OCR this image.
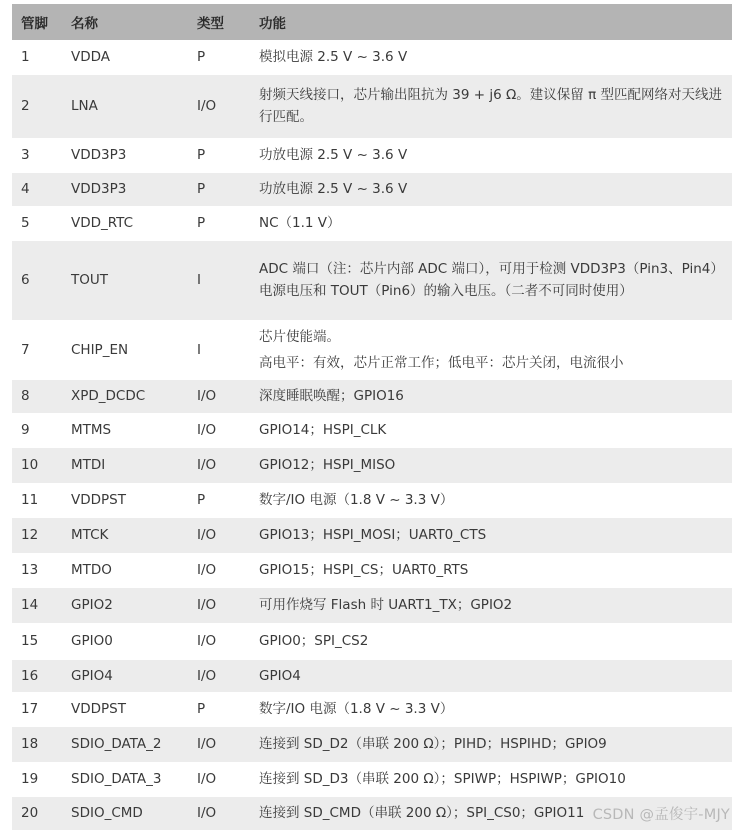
管脚	名称	类型	功能
1	VDDA	P	模拟电源 2.5 V ~ 3.6 V

2	LNA	I/O	射频天线接口，芯片输出阻抗为 39 + j6 Ω。建议保留 π 型匹配网络对天线进行匹配。

3	VDD3P3	P	功放电源 2.5 V ~ 3.6 V

4	VDD3P3	P	功放电源 2.5 V ~ 3.6 V

5	VDD_RTC	P	NC（1.1 V）

6	TOUT	I	ADC 端口（注：芯片内部 ADC 端口），可用于检测 VDD3P3（Pin3、Pin4）电源电压和 TOUT（Pin6）的输入电压。（二者不可同时使用）

7	CHIP_EN	I	芯片使能端。
高电平：有效，芯片正常工作；低电平：芯片关闭，电流很小

8	XPD_DCDC	I/O	深度睡眠唤醒；GPIO16

9	MTMS	I/O	GPIO14；HSPI_CLK

10	MTDI	I/O	GPIO12；HSPI_MISO

11	VDDPST	P	数字/IO 电源（1.8 V ~ 3.3 V）

12	MTCK	I/O	GPIO13；HSPI_MOSI；UART0_CTS

13	MTDO	I/O	GPIO15；HSPI_CS；UART0_RTS

14	GPIO2	I/O	可用作烧写 Flash 时 UART1_TX；GPIO2

15	GPIO0	I/O	GPIO0；SPI_CS2

16	GPIO4	I/O	GPIO4

17	VDDPST	P	数字/IO 电源（1.8 V ~ 3.3 V）

18	SDIO_DATA_2	I/O	连接到 SD_D2（串联 200 Ω）；PIHD；HSPIHD；GPIO9

19	SDIO_DATA_3	I/O	连接到 SD_D3（串联 200 Ω）；SPIWP；HSPIWP；GPIO10

20	SDIO_CMD	I/O	连接到 SD_CMD（串联 200 Ω）；SPI_CS0；GPIO11 CSDN @孟俊宇-MJY
